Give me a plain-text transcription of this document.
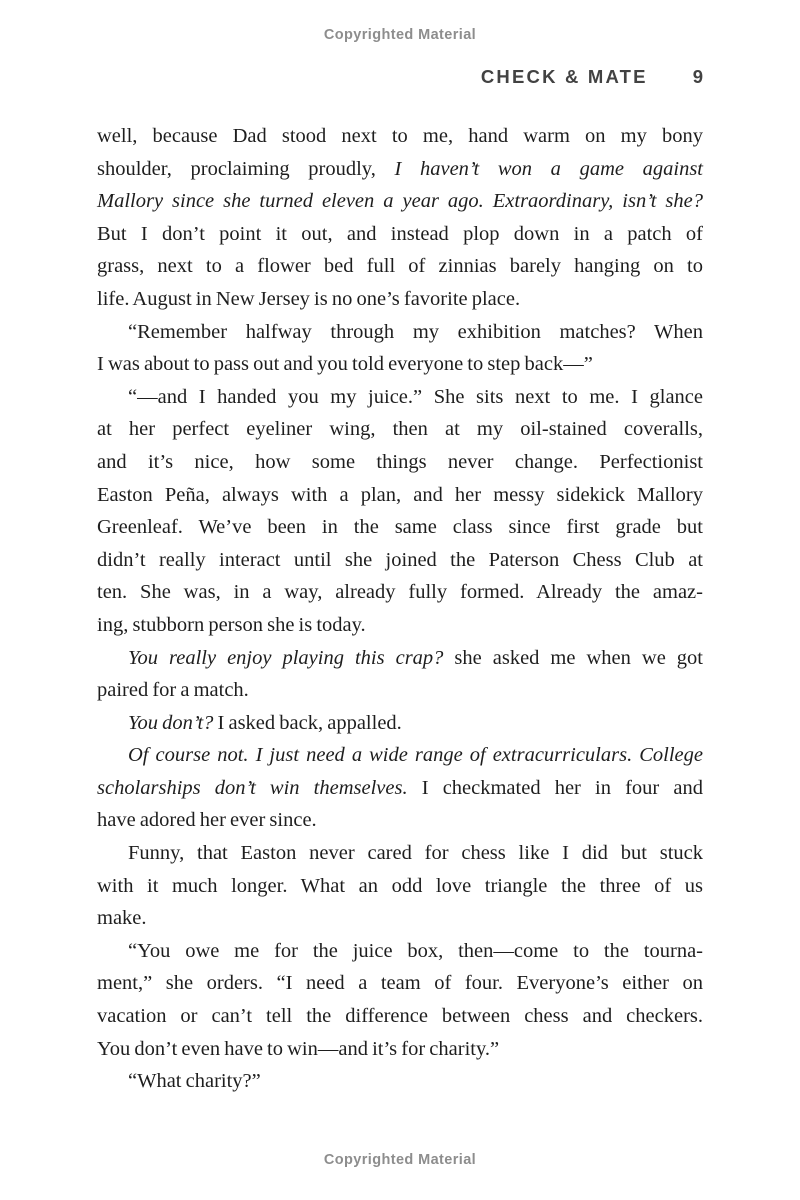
Copyrighted Material
CHECK & MATE 9
well, because Dad stood next to me, hand warm on my bony
shoulder, proclaiming proudly, I haven’t won a game against
Mallory since she turned eleven a year ago. Extraordinary, isn’t she?
But I don’t point it out, and instead plop down in a patch of
grass, next to a flower bed full of zinnias barely hanging on to
life. August in New Jersey is no one’s favorite place.
“Remember halfway through my exhibition matches? When
I was about to pass out and you told everyone to step back—”
“—and I handed you my juice.” She sits next to me. I glance
at her perfect eyeliner wing, then at my oil-stained coveralls,
and it’s nice, how some things never change. Perfectionist
Easton Peña, always with a plan, and her messy sidekick Mallory
Greenleaf. We’ve been in the same class since first grade but
didn’t really interact until she joined the Paterson Chess Club at
ten. She was, in a way, already fully formed. Already the amaz-
ing, stubborn person she is today.
You really enjoy playing this crap? she asked me when we got
paired for a match.
You don’t? I asked back, appalled.
Of course not. I just need a wide range of extracurriculars. College
scholarships don’t win themselves. I checkmated her in four and
have adored her ever since.
Funny, that Easton never cared for chess like I did but stuck
with it much longer. What an odd love triangle the three of us
make.
“You owe me for the juice box, then—come to the tourna-
ment,” she orders. “I need a team of four. Everyone’s either on
vacation or can’t tell the difference between chess and checkers.
You don’t even have to win—and it’s for charity.”
“What charity?”
Copyrighted Material
